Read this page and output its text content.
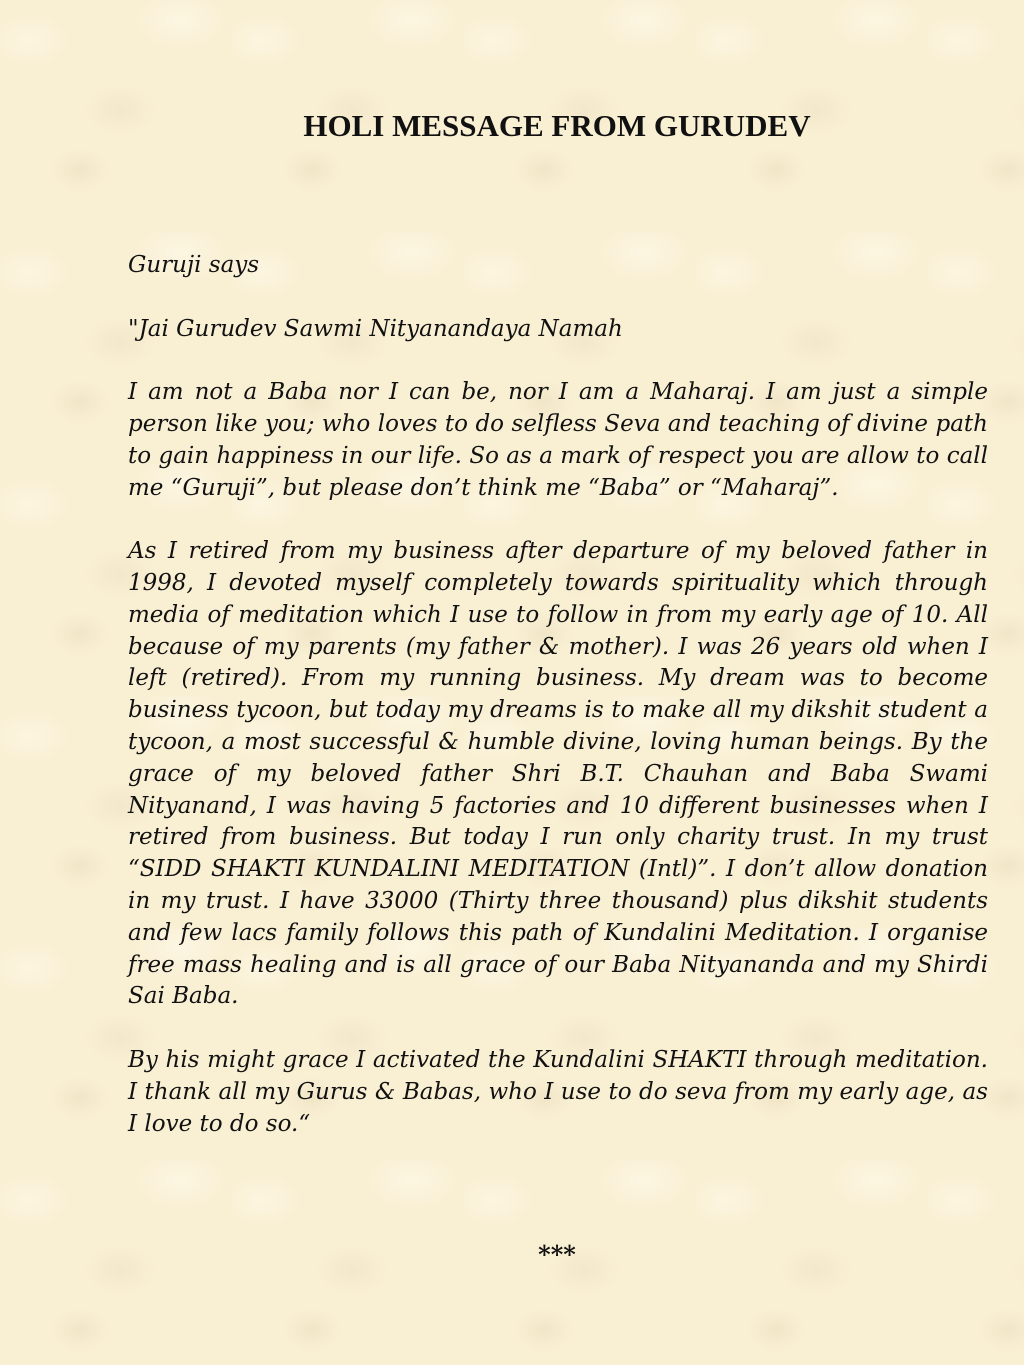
HOLI MESSAGE FROM GURUDEV

Guruji says

"Jai Gurudev Sawmi Nityanandaya Namah

I am not a Baba nor I can be, nor I am a Maharaj. I am just a simple person like you; who loves to do selfless Seva and teaching of divine path to gain happiness in our life. So as a mark of respect you are allow to call me “Guruji”, but please don’t think me “Baba” or “Maharaj”.

As I retired from my business after departure of my beloved father in 1998, I devoted myself completely towards spirituality which through media of meditation which I use to follow in from my early age of 10. All because of my parents (my father & mother). I was 26 years old when I left (retired). From my running business. My dream was to become business tycoon, but today my dreams is to make all my dikshit student a tycoon, a most successful & humble divine, loving human beings. By the grace of my beloved father Shri B.T. Chauhan and Baba Swami Nityanand, I was having 5 factories and 10 different businesses when I retired from business. But today I run only charity trust. In my trust “SIDD SHAKTI KUNDALINI MEDITATION (Intl)”. I don’t allow donation in my trust. I have 33000 (Thirty three thousand) plus dikshit students and few lacs family follows this path of Kundalini Meditation. I organise free mass healing and is all grace of our Baba Nityananda and my Shirdi Sai Baba.

By his might grace I activated the Kundalini SHAKTI through meditation. I thank all my Gurus & Babas, who I use to do seva from my early age, as I love to do so.“

***
